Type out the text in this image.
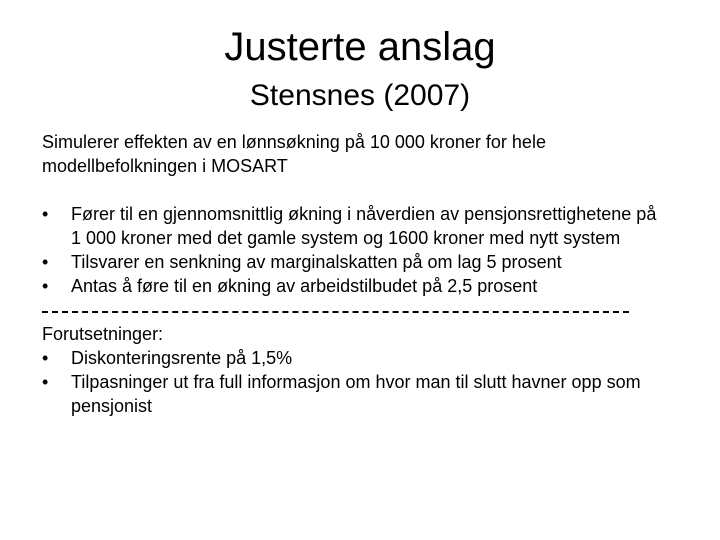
Justerte anslag
Stensnes (2007)

Simulerer effekten av en lønnsøkning på 10 000 kroner for hele modellbefolkningen i MOSART

•	Fører til en gjennomsnittlig økning i nåverdien av pensjonsrettighetene på 1 000 kroner med det gamle system og 1600 kroner med nytt system
•	Tilsvarer en senkning av marginalskatten på om lag 5 prosent
•	Antas å føre til en økning av arbeidstilbudet på 2,5 prosent
Forutsetninger:
•	Diskonteringsrente på 1,5%
•	Tilpasninger ut fra full informasjon om hvor man til slutt havner opp som pensjonist
